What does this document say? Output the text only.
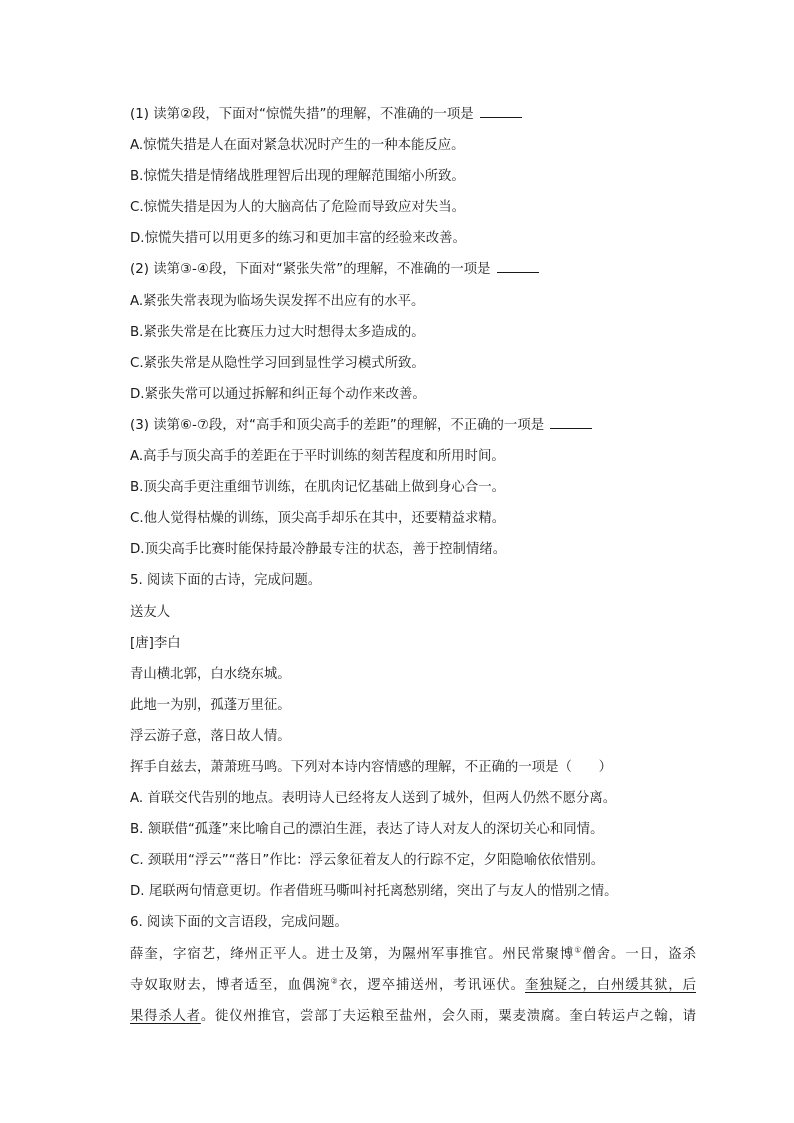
(1) 读第②段，下面对“惊慌失措”的理解，不准确的一项是
A.惊慌失措是人在面对紧急状况时产生的一种本能反应。
B.惊慌失措是情绪战胜理智后出现的理解范围缩小所致。
C.惊慌失措是因为人的大脑高估了危险而导致应对失当。
D.惊慌失措可以用更多的练习和更加丰富的经验来改善。
(2) 读第③-④段，下面对“紧张失常”的理解，不准确的一项是
A.紧张失常表现为临场失误发挥不出应有的水平。
B.紧张失常是在比赛压力过大时想得太多造成的。
C.紧张失常是从隐性学习回到显性学习模式所致。
D.紧张失常可以通过拆解和纠正每个动作来改善。
(3) 读第⑥-⑦段，对“高手和顶尖高手的差距”的理解，不正确的一项是
A.高手与顶尖高手的差距在于平时训练的刻苦程度和所用时间。
B.顶尖高手更注重细节训练，在肌肉记忆基础上做到身心合一。
C.他人觉得枯燥的训练，顶尖高手却乐在其中，还要精益求精。
D.顶尖高手比赛时能保持最冷静最专注的状态，善于控制情绪。
5. 阅读下面的古诗，完成问题。
送友人
[唐]李白
青山横北郭，白水绕东城。
此地一为别，孤蓬万里征。
浮云游子意，落日故人情。
挥手自兹去，萧萧班马鸣。下列对本诗内容情感的理解，不正确的一项是（　　）
A. 首联交代告别的地点。表明诗人已经将友人送到了城外，但两人仍然不愿分离。
B. 颔联借“孤蓬”来比喻自己的漂泊生涯，表达了诗人对友人的深切关心和同情。
C. 颈联用“浮云”“落日”作比：浮云象征着友人的行踪不定，夕阳隐喻依依惜别。
D. 尾联两句情意更切。作者借班马嘶叫衬托离愁别绪，突出了与友人的惜别之情。
6. 阅读下面的文言语段，完成问题。
薛奎，字宿艺，绛州正平人。进士及第，为隰州军事推官。州民常聚博①僧舍。一日，盗杀
寺奴取财去，博者适至，血偶涴②衣，逻卒捕送州，考讯诬伏。奎独疑之，白州缓其狱，后
果得杀人者。徙仪州推官，尝部丁夫运粮至盐州，会久雨，粟麦溃腐。奎白转运卢之翰，请
